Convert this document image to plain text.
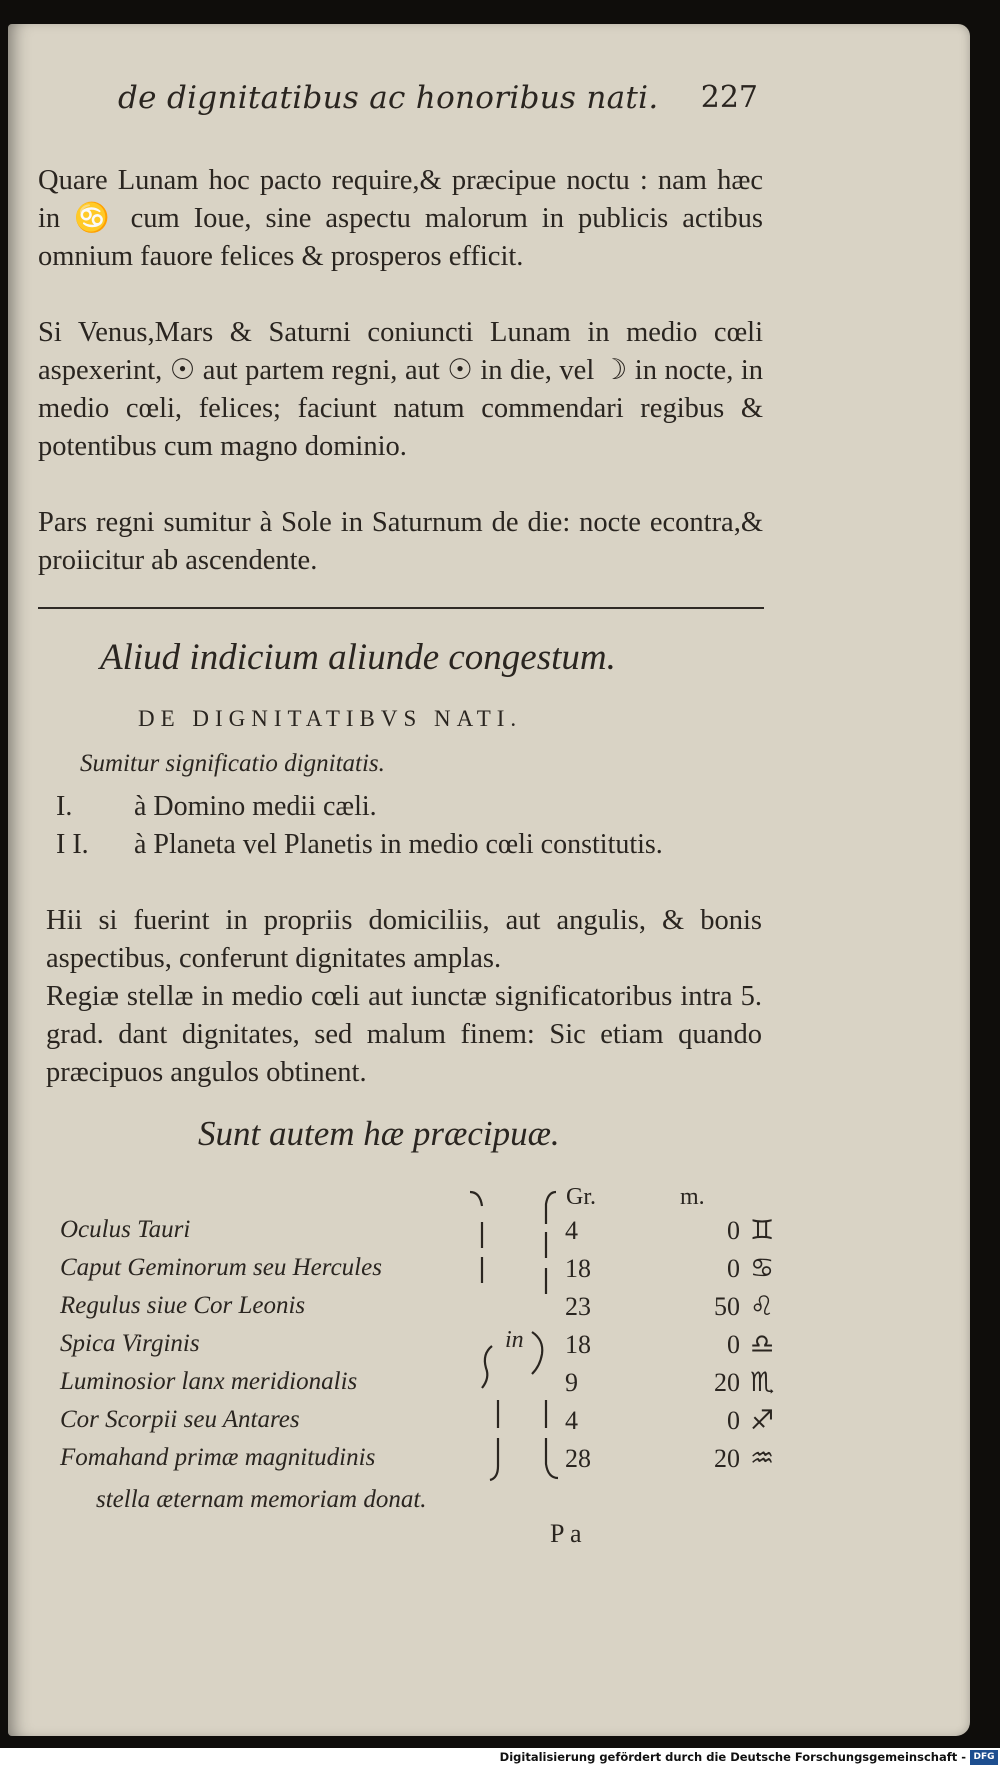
de dignitatibus ac honoribus nati. 227
Quare Lunam hoc pacto require,& præcipue noctu : nam hæc in ♋ cum Ioue, sine aspectu malorum in publicis actibus omnium fauore felices & prosperos efficit.
Si Venus,Mars & Saturni coniuncti Lunam in medio cœli aspexerint, ☉ aut partem regni, aut ☉ in die, vel ☽ in nocte, in medio cœli, felices; faciunt natum commendari regibus & potentibus cum magno dominio.
Pars regni sumitur à Sole in Saturnum de die: nocte econtra,& proiicitur ab ascendente.
Aliud indicium aliunde congestum.
DE DIGNITATIBVS NATI.
Sumitur significatio dignitatis.
I. à Domino medii cæli.
I I. à Planeta vel Planetis in medio cœli constitutis.
Hii si fuerint in propriis domiciliis, aut angulis, & bonis aspectibus, conferunt dignitates amplas.
Regiæ stellæ in medio cœli aut iunctæ significatoribus intra 5. grad. dant dignitates, sed malum finem: Sic etiam quando præcipuos angulos obtinent.
Sunt autem hæ præcipuæ.
Gr.	m.
Oculus Tauri	4	0 ♊
Caput Geminorum seu Hercules	18	0 ♋
Regulus siue Cor Leonis	23	50 ♌
Spica Virginis	18	0 ♎
Luminosior lanx meridionalis	9	20 ♏
Cor Scorpii seu Antares	4	0 ♐
Fomahand primæ magnitudinis	28	20 ♒
in
stella æternam memoriam donat.
P a
Digitalisierung gefördert durch die Deutsche Forschungsgemeinschaft - DFG
